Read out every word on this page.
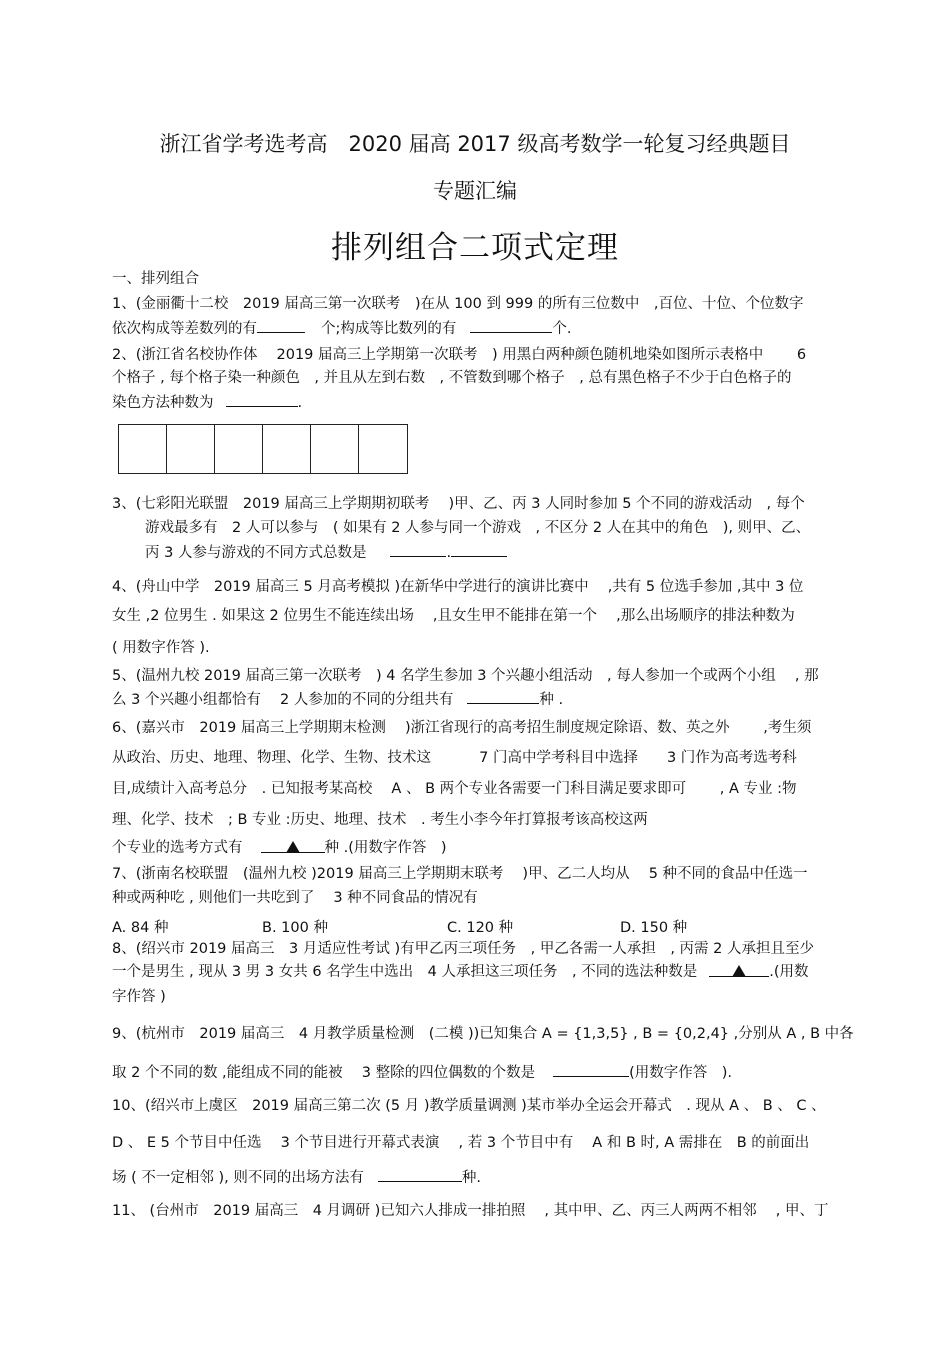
浙江省学考选考高　2020 届高 2017 级高考数学一轮复习经典题目
专题汇编
排列组合二项式定理
一、排列组合
1、(金丽衢十二校　2019 届高三第一次联考　)在从 100 到 999 的所有三位数中　,百位、十位、个位数字
依次构成等差数列的有	个;构成等比数列的有	个.
2、(浙江省名校协作体　 2019 届高三上学期第一次联考　) 用黑白两种颜色随机地染如图所示表格中　　 6
个格子 , 每个格子染一种颜色　, 并且从左到右数　, 不管数到哪个格子　, 总有黑色格子不少于白色格子的
染色方法种数为	.
3、(七彩阳光联盟　2019 届高三上学期期初联考　 )甲、乙、丙 3 人同时参加 5 个不同的游戏活动　, 每个
游戏最多有　2 人可以参与　( 如果有 2 人参与同一个游戏　, 不区分 2 人在其中的角色　), 则甲、乙、
丙 3 人参与游戏的不同方式总数是	.
4、(舟山中学　2019 届高三 5 月高考模拟 )在新华中学进行的演讲比赛中　 ,共有 5 位选手参加 ,其中 3 位
女生 ,2 位男生 . 如果这 2 位男生不能连续出场　 ,且女生甲不能排在第一个　 ,那么出场顺序的排法种数为
( 用数字作答 ).
5、(温州九校 2019 届高三第一次联考　) 4 名学生参加 3 个兴趣小组活动　, 每人参加一个或两个小组　 , 那
么 3 个兴趣小组都恰有　 2 人参加的不同的分组共有	种 .
6、(嘉兴市　2019 届高三上学期期末检测　 )浙江省现行的高考招生制度规定除语、数、英之外　　 ,考生须
从政治、历史、地理、物理、化学、生物、技术这　　　 7 门高中学考科目中选择　　3 门作为高考选考科
目,成绩计入高考总分　. 已知报考某高校　 A 、 B 两个专业各需要一门科目满足要求即可　　 , A 专业 :物
理、化学、技术　; B 专业 :历史、地理、技术　. 考生小李今年打算报考该高校这两
个专业的选考方式有	种 .(用数字作答　)
7、(浙南名校联盟　(温州九校 )2019 届高三上学期期末联考　 )甲、乙二人均从　 5 种不同的食品中任选一
种或两种吃 , 则他们一共吃到了　 3 种不同食品的情况有
A. 84 种	B. 100 种	C. 120 种	D. 150 种
8、(绍兴市 2019 届高三　3 月适应性考试 )有甲乙丙三项任务　, 甲乙各需一人承担　, 丙需 2 人承担且至少
一个是男生 , 现从 3 男 3 女共 6 名学生中选出　4 人承担这三项任务　, 不同的选法种数是	.(用数
字作答 )
9、(杭州市　2019 届高三　4 月教学质量检测　(二模 ))已知集合 A = {1,3,5} , B = {0,2,4} ,分别从 A , B 中各
取 2 个不同的数 ,能组成不同的能被　 3 整除的四位偶数的个数是	(用数字作答　).
10、(绍兴市上虞区　2019 届高三第二次 (5 月 )教学质量调测 )某市举办全运会开幕式　. 现从 A 、 B 、 C 、
D 、 E 5 个节目中任选　 3 个节目进行开幕式表演　 , 若 3 个节目中有　 A 和 B 时, A 需排在　B 的前面出
场 ( 不一定相邻 ), 则不同的出场方法有	种.
11、 (台州市　2019 届高三　4 月调研 )已知六人排成一排拍照　 , 其中甲、乙、丙三人两两不相邻　 , 甲、丁
